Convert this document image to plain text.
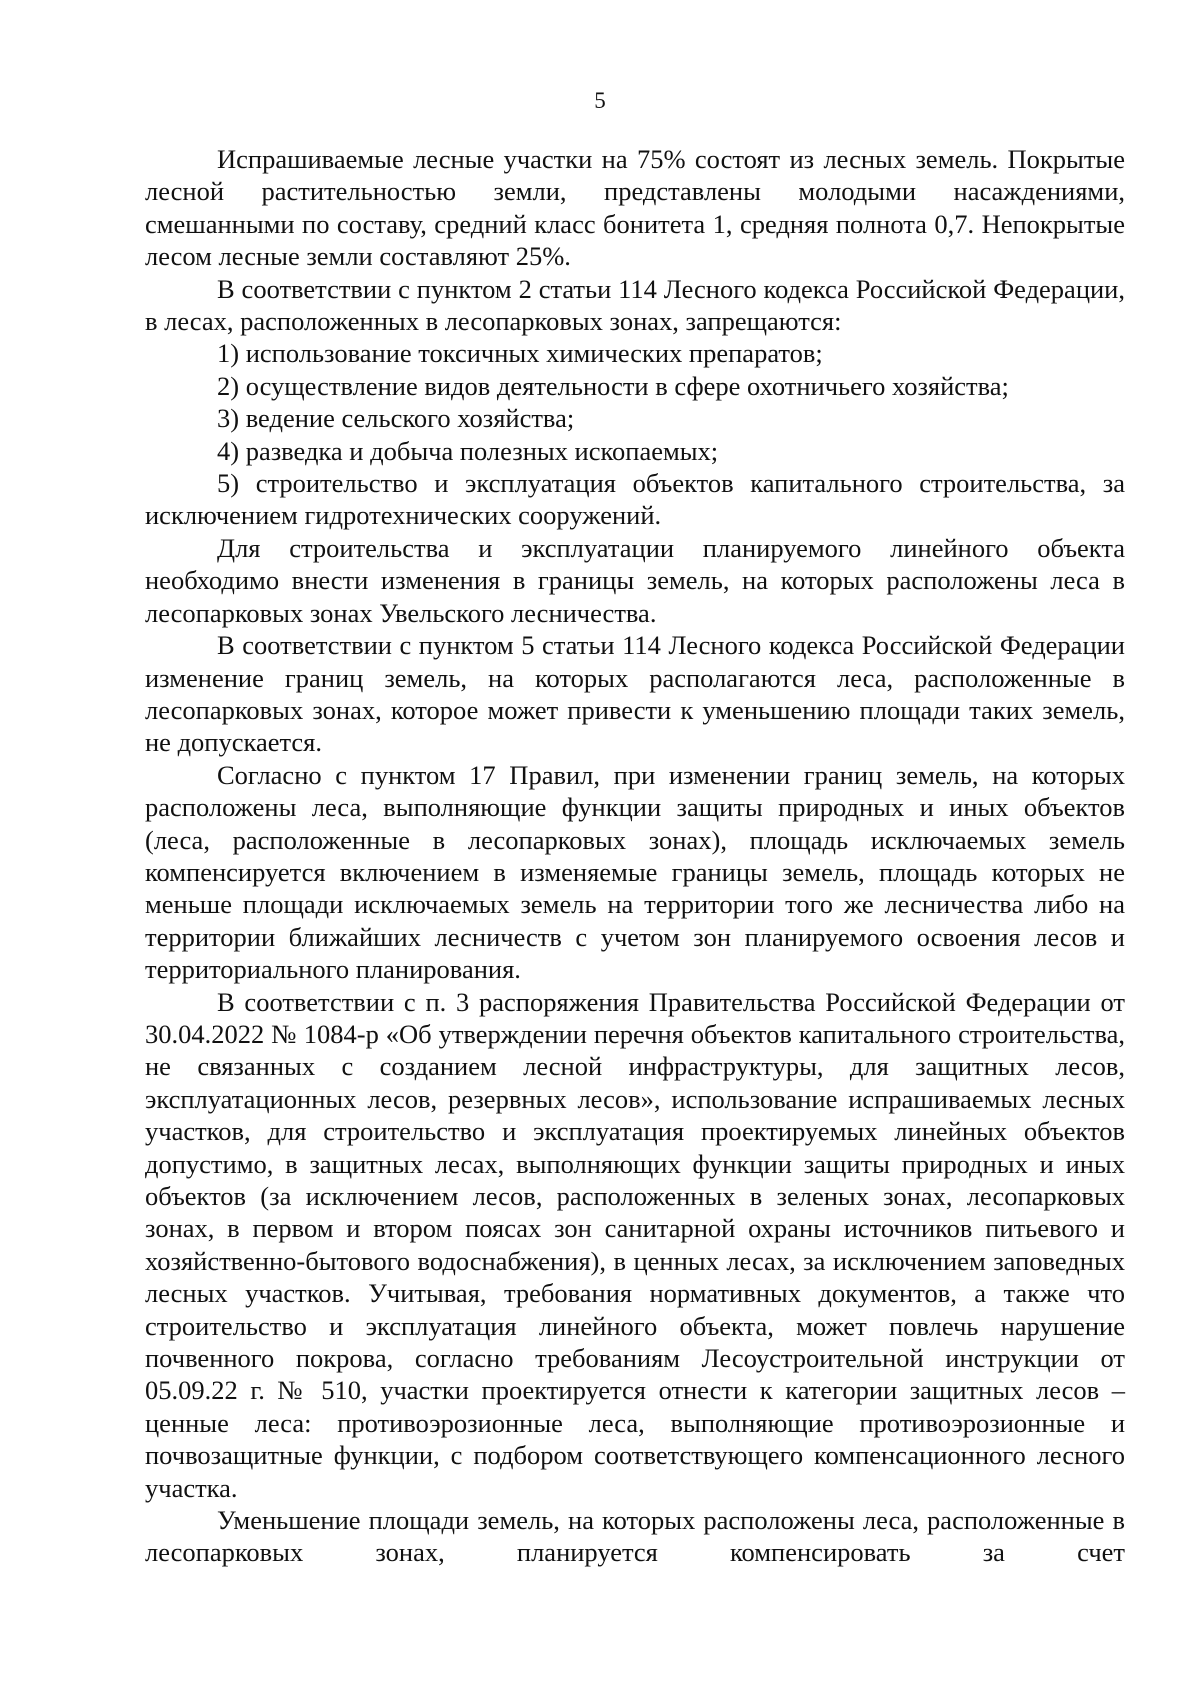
5

Испрашиваемые лесные участки на 75% состоят из лесных земель. Покрытые лесной растительностью земли, представлены молодыми насаждениями, смешанными по составу, средний класс бонитета 1, средняя полнота 0,7. Непокрытые лесом лесные земли составляют 25%.

В соответствии с пунктом 2 статьи 114 Лесного кодекса Российской Федерации, в лесах, расположенных в лесопарковых зонах, запрещаются:

1) использование токсичных химических препаратов;

2) осуществление видов деятельности в сфере охотничьего хозяйства;

3) ведение сельского хозяйства;

4) разведка и добыча полезных ископаемых;

5) строительство и эксплуатация объектов капитального строительства, за исключением гидротехнических сооружений.

Для строительства и эксплуатации планируемого линейного объекта необходимо внести изменения в границы земель, на которых расположены леса в лесопарковых зонах Увельского лесничества.

В соответствии с пунктом 5 статьи 114 Лесного кодекса Российской Федерации изменение границ земель, на которых располагаются леса, расположенные в лесопарковых зонах, которое может привести к уменьшению площади таких земель, не допускается.

Согласно с пунктом 17 Правил, при изменении границ земель, на которых расположены леса, выполняющие функции защиты природных и иных объектов (леса, расположенные в лесопарковых зонах), площадь исключаемых земель компенсируется включением в изменяемые границы земель, площадь которых не меньше площади исключаемых земель на территории того же лесничества либо на территории ближайших лесничеств с учетом зон планируемого освоения лесов и территориального планирования.

В соответствии с п. 3 распоряжения Правительства Российской Федерации от 30.04.2022 № 1084-р «Об утверждении перечня объектов капитального строительства, не связанных с созданием лесной инфраструктуры, для защитных лесов, эксплуатационных лесов, резервных лесов», использование испрашиваемых лесных участков, для строительство и эксплуатация проектируемых линейных объектов допустимо, в защитных лесах, выполняющих функции защиты природных и иных объектов (за исключением лесов, расположенных в зеленых зонах, лесопарковых зонах, в первом и втором поясах зон санитарной охраны источников питьевого и хозяйственно-бытового водоснабжения), в ценных лесах, за исключением заповедных лесных участков. Учитывая, требования нормативных документов, а также что строительство и эксплуатация линейного объекта, может повлечь нарушение почвенного покрова, согласно требованиям Лесоустроительной инструкции от 05.09.22 г. № 510, участки проектируется отнести к категории защитных лесов – ценные леса: противоэрозионные леса, выполняющие противоэрозионные и почвозащитные функции, с подбором соответствующего компенсационного лесного участка.

Уменьшение площади земель, на которых расположены леса, расположенные в лесопарковых зонах, планируется компенсировать за счет
